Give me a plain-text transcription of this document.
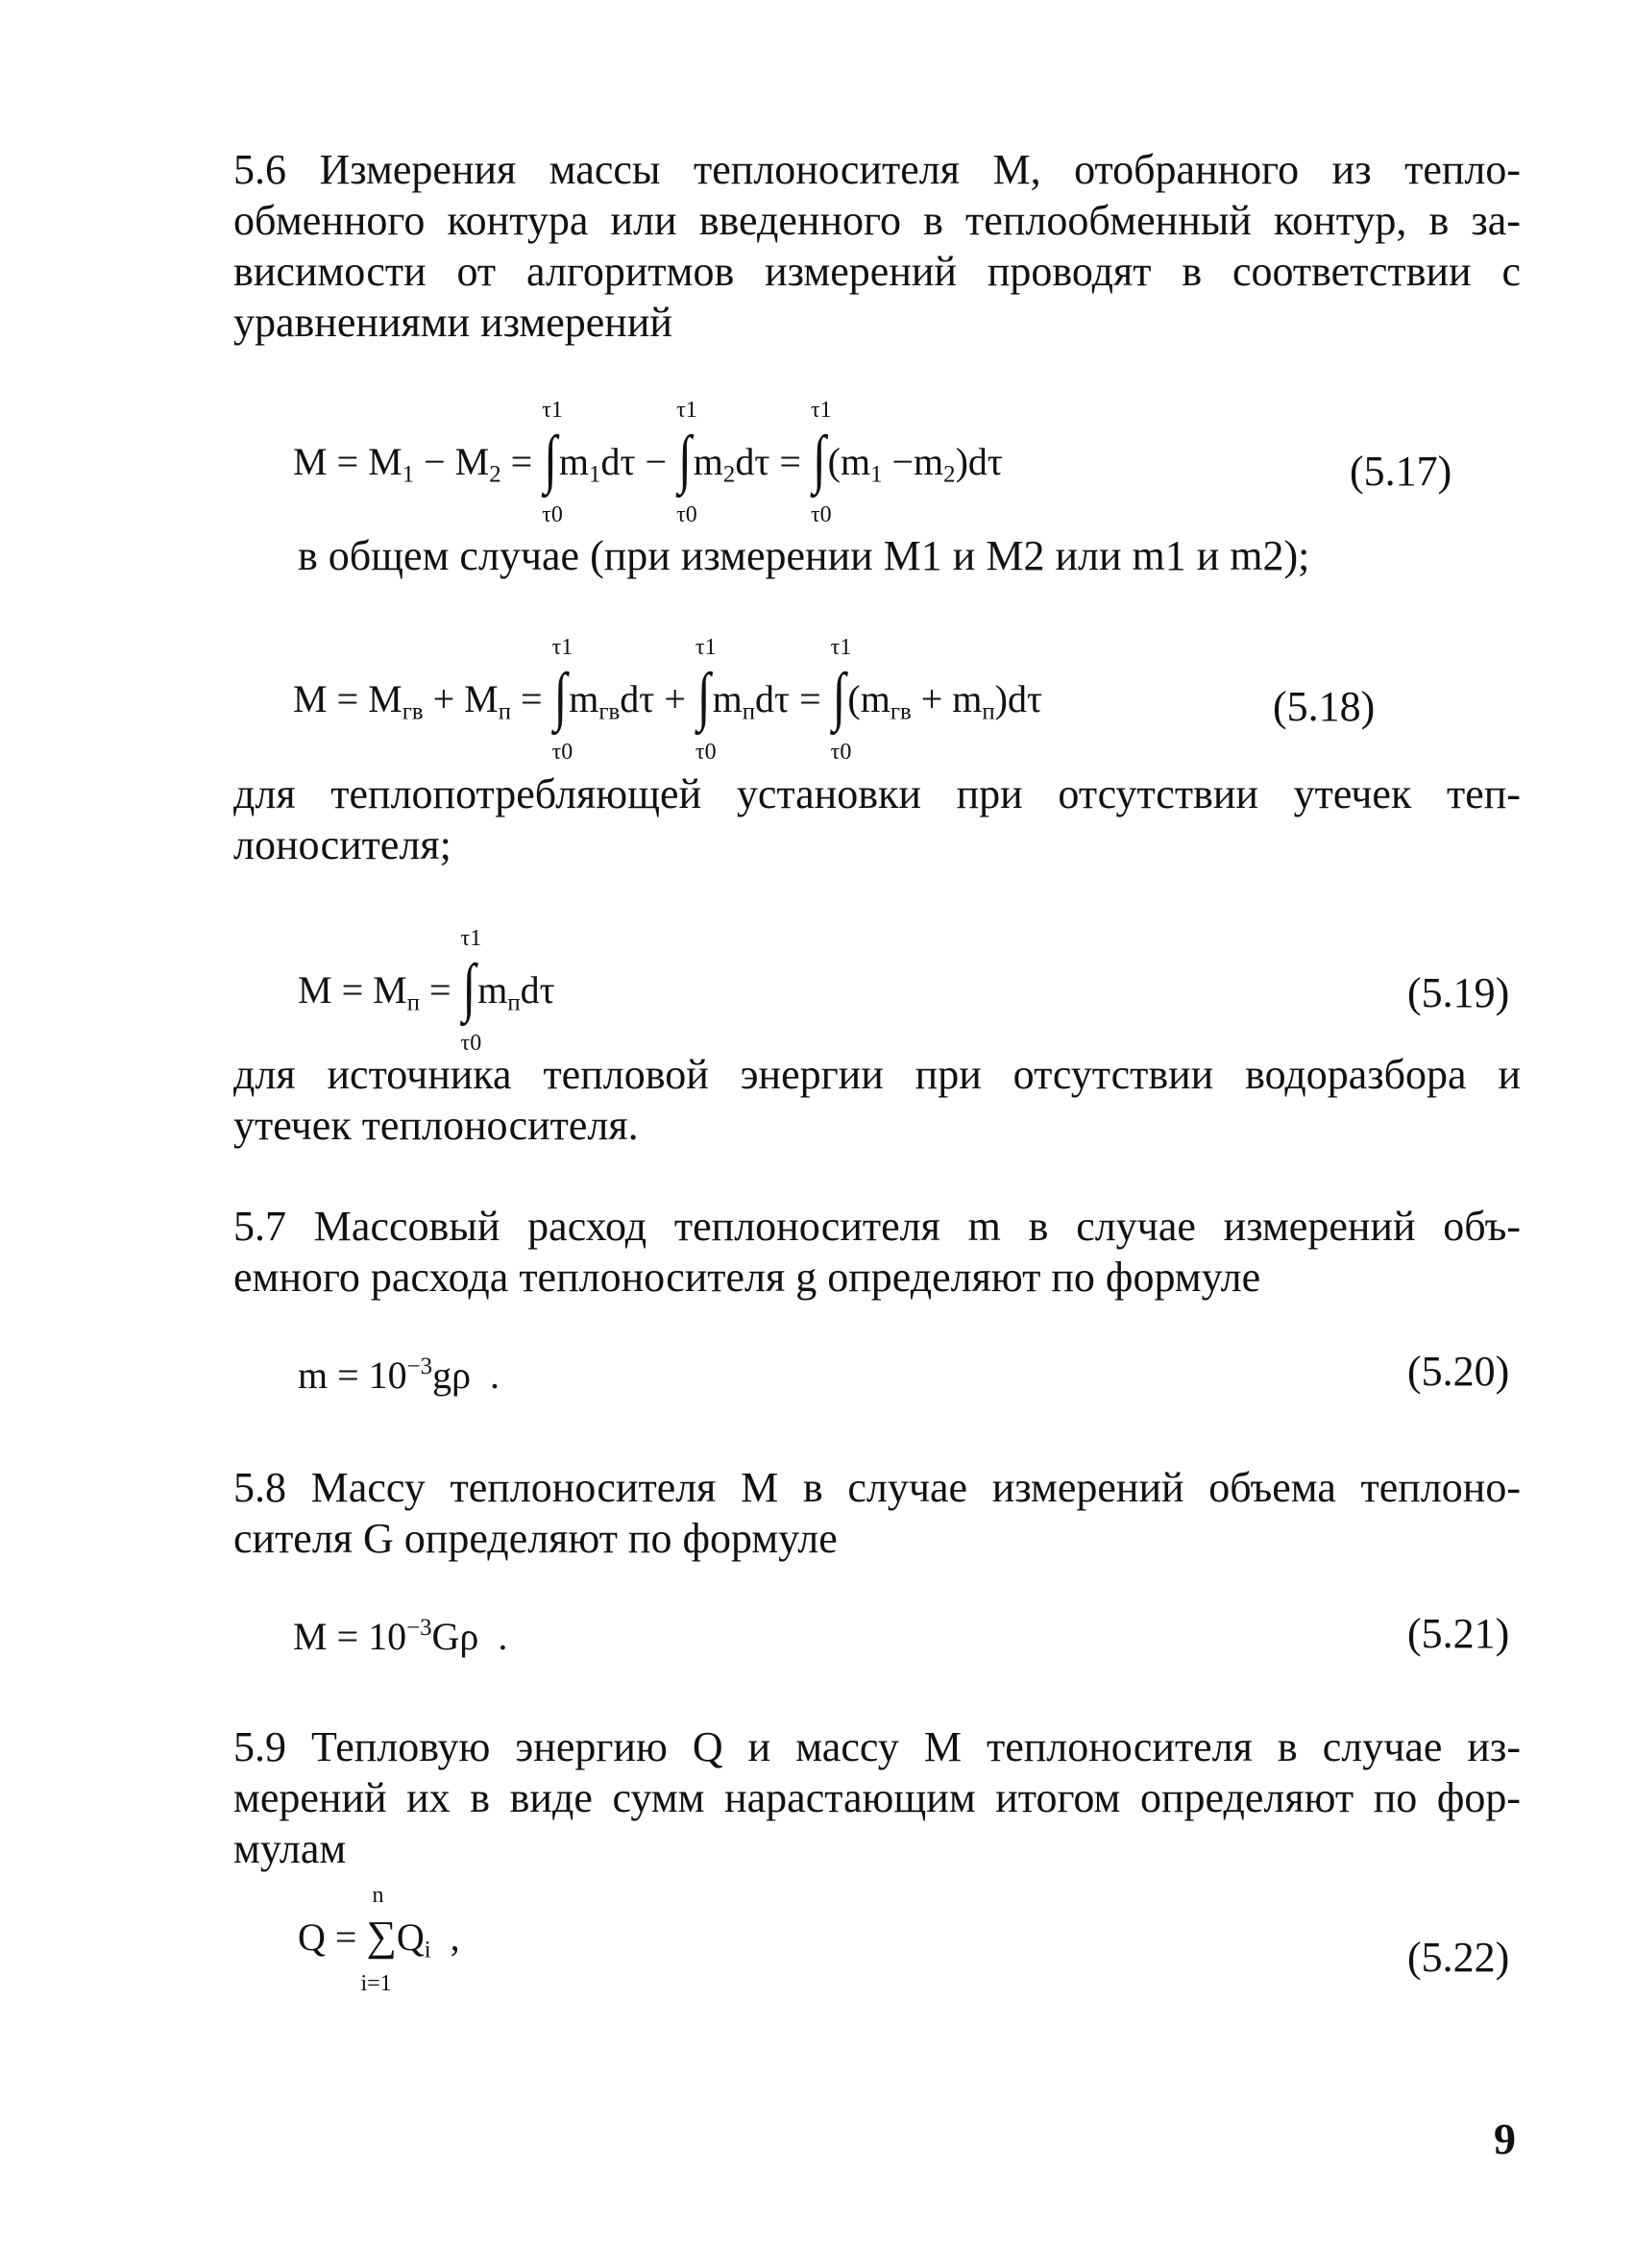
5.6 Измерения массы теплоносителя М, отобранного из тепло-
обменного контура или введенного в теплообменный контур, в за-
висимости от алгоритмов измерений проводят в соответствии с
уравнениями измерений

$M = M_1 - M_2$ = ∫
τ1
τ0
$m_1d\tau$ − ∫
τ1
τ0
$m_2d\tau$ = ∫
τ1
τ0
$(m_1 -m_2)d\tau$	(5.17)

в общем случае (при измерении М1 и М2 или m1 и m2);

$M = M_{гв} + M_п$ = ∫
τ1
τ0
$m_{гв}d\tau$ + ∫
τ1
τ0
$m_пd\tau$ = ∫
τ1
τ0
$(m_{гв} + m_п)d\tau$	(5.18)

для теплопотребляющей установки при отсутствии утечек теп-
лоносителя;

$M = M_п$ = ∫
τ1
τ0
$m_пd\tau$	(5.19)

для источника тепловой энергии при отсутствии водоразбора и
утечек теплоносителя.

5.7 Массовый расход теплоносителя m в случае измерений объ-
емного расхода теплоносителя g определяют по формуле

$m = 10^{-3}g\rho$  .	(5.20)

5.8 Массу теплоносителя М в случае измерений объема теплоно-
сителя G определяют по формуле

$M = 10^{-3}G\rho$  .	(5.21)

5.9 Тепловую энергию Q и массу М теплоносителя в случае из-
мерений их в виде сумм нарастающим итогом определяют по фор-
мулам

Q = ∑
n
i=1
$Q_i$  ,	(5.22)
9
